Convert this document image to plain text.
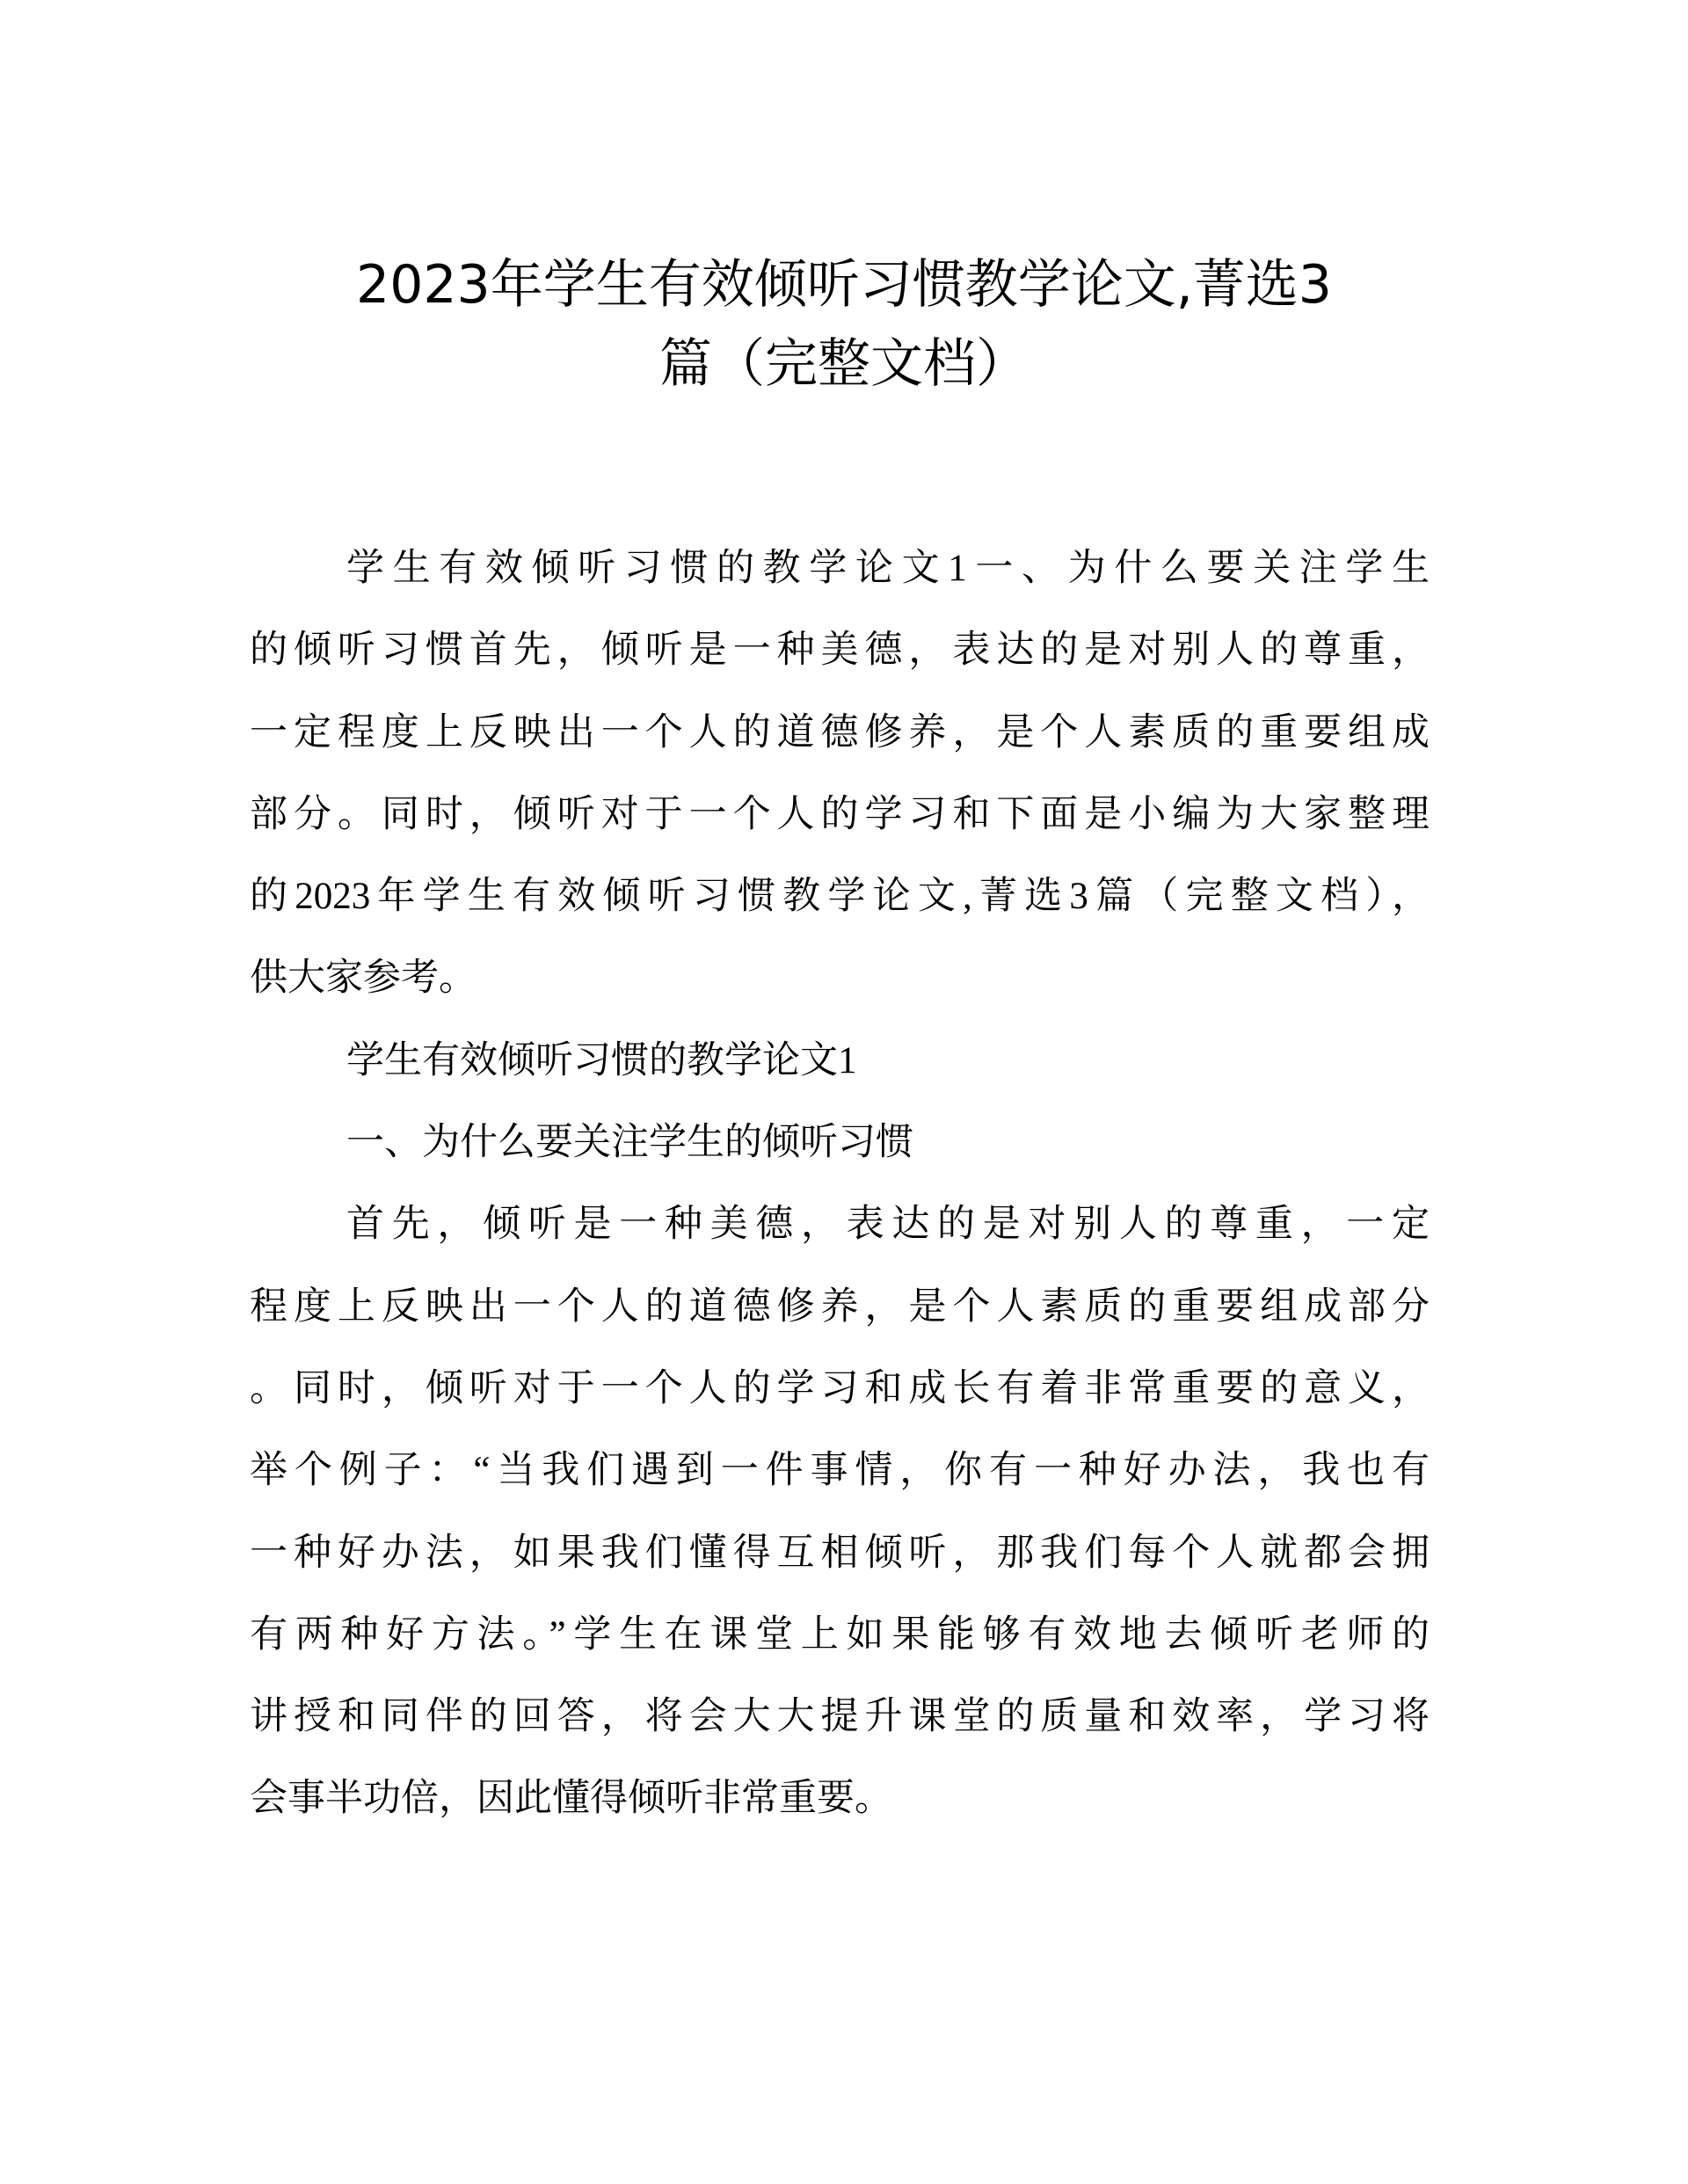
2023年学生有效倾听习惯教学论文,菁选3
篇（完整文档）
学生有效倾听习惯的教学论文1一、为什么要关注学生
的倾听习惯首先，倾听是一种美德，表达的是对别人的尊重，
一定程度上反映出一个人的道德修养，是个人素质的重要组成
部分。同时，倾听对于一个人的学习和下面是小编为大家整理
的2023年学生有效倾听习惯教学论文,菁选3篇（完整文档），
供大家参考。
学生有效倾听习惯的教学论文1
一、为什么要关注学生的倾听习惯
首先，倾听是一种美德，表达的是对别人的尊重，一定
程度上反映出一个人的道德修养，是个人素质的重要组成部分
。同时，倾听对于一个人的学习和成长有着非常重要的意义，
举个例子：“当我们遇到一件事情，你有一种好办法，我也有
一种好办法，如果我们懂得互相倾听，那我们每个人就都会拥
有两种好方法。”学生在课堂上如果能够有效地去倾听老师的
讲授和同伴的回答，将会大大提升课堂的质量和效率，学习将
会事半功倍，因此懂得倾听非常重要。
